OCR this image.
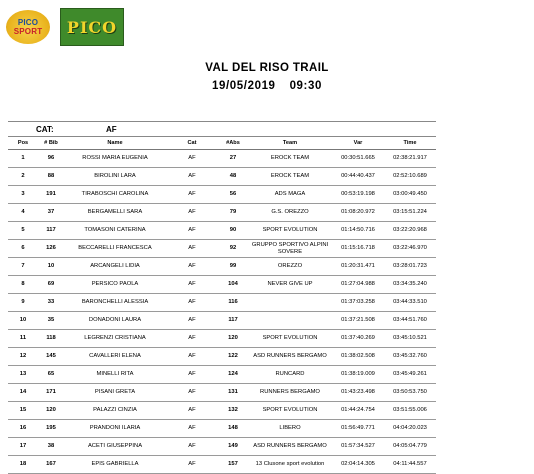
PICO
SPORT PICO
VAL DEL RISO TRAIL
19/05/2019 09:30
CAT:	AF
Pos	# Bib	Name	Cat	#Abs	Team	Var	Time
1	96	ROSSI MARIA EUGENIA	AF	27	EROCK TEAM	00:30:51.665	02:38:21.917
2	88	BIROLINI LARA	AF	48	EROCK TEAM	00:44:40.437	02:52:10.689
3	191	TIRABOSCHI CAROLINA	AF	56	ADS MAGA	00:53:19.198	03:00:49.450
4	37	BERGAMELLI SARA	AF	79	G.S. OREZZO	01:08:20.972	03:15:51.224
5	117	TOMASONI CATERINA	AF	90	SPORT EVOLUTION	01:14:50.716	03:22:20.968
6	126	BECCARELLI FRANCESCA	AF	92	GRUPPO SPORTIVO ALPINI SOVERE	01:15:16.718	03:22:46.970
7	10	ARCANGELI LIDIA	AF	99	OREZZO	01:20:31.471	03:28:01.723
8	69	PERSICO PAOLA	AF	104	NEVER GIVE UP	01:27:04.988	03:34:35.240
9	33	BARONCHELLI ALESSIA	AF	116		01:37:03.258	03:44:33.510
10	35	DONADONI LAURA	AF	117		01:37:21.508	03:44:51.760
11	118	LEGRENZI CRISTIANA	AF	120	SPORT EVOLUTION	01:37:40.269	03:45:10.521
12	145	CAVALLERI ELENA	AF	122	ASD RUNNERS BERGAMO	01:38:02.508	03:45:32.760
13	65	MINELLI RITA	AF	124	RUNCARD	01:38:19.009	03:45:49.261
14	171	PISANI GRETA	AF	131	RUNNERS BERGAMO	01:43:23.498	03:50:53.750
15	120	PALAZZI CINZIA	AF	132	SPORT EVOLUTION	01:44:24.754	03:51:55.006
16	195	PRANDONI ILARIA	AF	148	LIBERO	01:56:49.771	04:04:20.023
17	38	ACETI GIUSEPPINA	AF	149	ASD RUNNERS BERGAMO	01:57:34.527	04:05:04.779
18	167	EPIS GABRIELLA	AF	157	13 Clusone sport evolution	02:04:14.305	04:11:44.557
